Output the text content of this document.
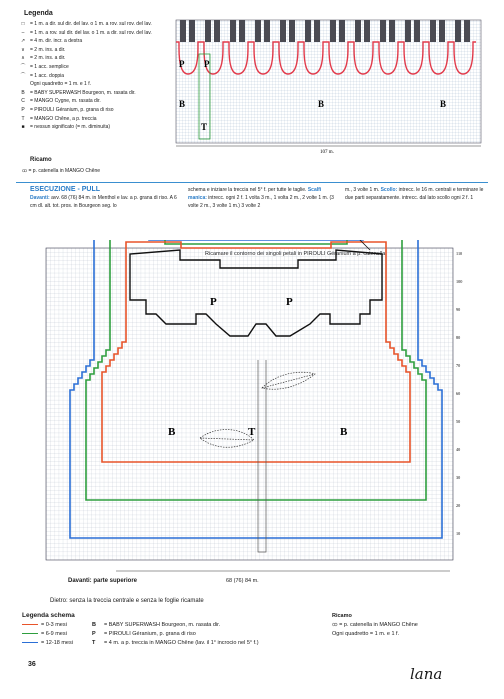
Legenda
□	= 1 m. a dir. sul dir. del lav. o 1 m. a rov. sul rov. del lav.
–	= 1 m. a rov. sul dir. del lav. o 1 m. a dir. sul rov. del lav.
↗ = 4 m. dir. incr. a destra
∨	= 2 m. ins. a dir.
∧	= 2 m. ins. a dir.
⌒ = 1 acc. semplice
⌒ = 1 acc. doppia
Ogni quadretto = 1 m. e 1 f.
B	= BABY SUPERWASH Bourgeon, m. rasata dir.
C	= MANGO Cygne, m. rasata dir.
P	= PIROULI Géranium, p. grana di riso
T	= MANGO Chêne, a p. treccia
■	= nessun significato (= m. diminuita)
Ricamo
ꝏ = p. catenella in MANGO Chêne
P P
B
T
B	B
107 m.
ESECUZIONE - PULL
Davanti: avv. 68 (76) 84 m. in Menthol e lav. a p. grana di riso. A 6 cm dl. alt. tot. pros. in Bourgeon seg. lo
schema e iniziare la treccia nel 5° f. per tutte le taglie. Scalfi manica: intrecc. ogni 2 f. 1 volta 3 m., 1 volta 2 m., 2 volte 1 m. (3 volte 2 m., 3 volte 1 m.) 3 volte 2
m., 3 volte 1 m. Scollo: intrecc. le 16 m. centrali e terminare le due parti separatamente. intrecc. dal lato scollo ogni 2 f. 1
110
100
90
80
70
60
50
40
30
20
10
P	P
B	T	B
Davanti: parte superiore	68 (76) 84 m.
Dietro: senza la treccia centrale e senza le foglie ricamate
Legenda schema
= 0-3 mesi
= 6-9 mesi
= 12-18 mesi
B = BABY SUPERWASH Bourgeon, m. rasata dir.
P = PIROULI Géranium, p. grana di riso
T = 4 m. a p. treccia in MANGO Chêne (lav. il 1° incrocio nel 5° f.)
Ricamo
ꝏ = p. catenella in MANGO Chêne
Ogni quadretto = 1 m. e 1 f.
36
lana
